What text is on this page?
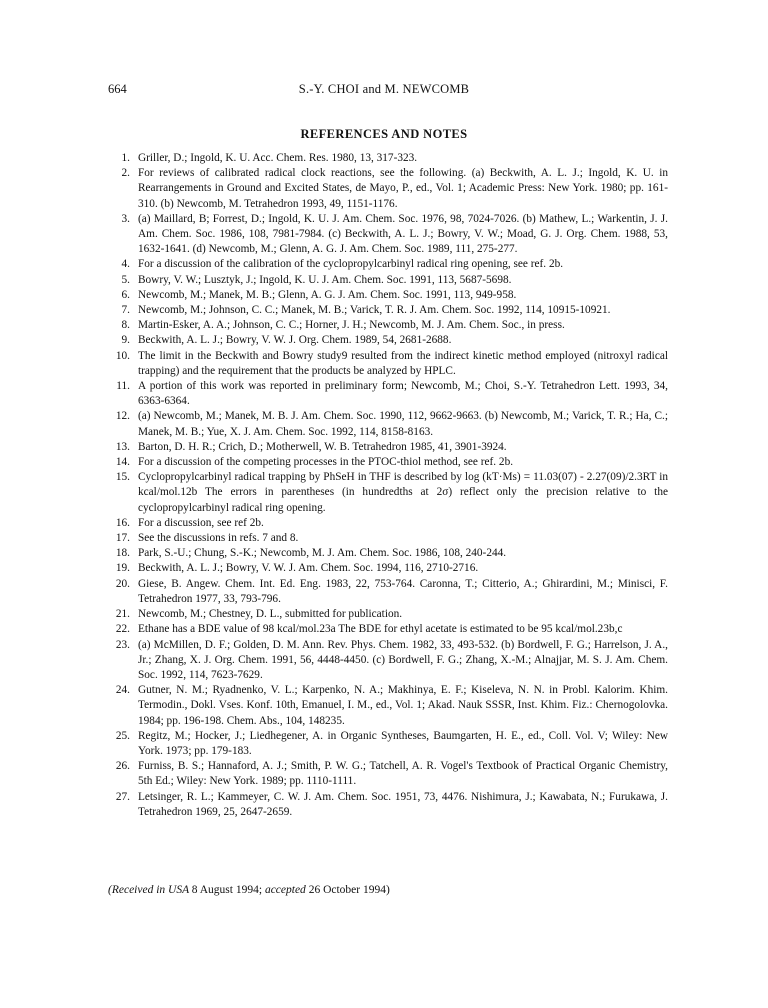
664	S.-Y. CHOI and M. NEWCOMB
REFERENCES AND NOTES
1. Griller, D.; Ingold, K. U. Acc. Chem. Res. 1980, 13, 317-323.
2. For reviews of calibrated radical clock reactions, see the following. (a) Beckwith, A. L. J.; Ingold, K. U. in Rearrangements in Ground and Excited States, de Mayo, P., ed., Vol. 1; Academic Press: New York. 1980; pp. 161-310. (b) Newcomb, M. Tetrahedron 1993, 49, 1151-1176.
3. (a) Maillard, B; Forrest, D.; Ingold, K. U. J. Am. Chem. Soc. 1976, 98, 7024-7026. (b) Mathew, L.; Warkentin, J. J. Am. Chem. Soc. 1986, 108, 7981-7984. (c) Beckwith, A. L. J.; Bowry, V. W.; Moad, G. J. Org. Chem. 1988, 53, 1632-1641. (d) Newcomb, M.; Glenn, A. G. J. Am. Chem. Soc. 1989, 111, 275-277.
4. For a discussion of the calibration of the cyclopropylcarbinyl radical ring opening, see ref. 2b.
5. Bowry, V. W.; Lusztyk, J.; Ingold, K. U. J. Am. Chem. Soc. 1991, 113, 5687-5698.
6. Newcomb, M.; Manek, M. B.; Glenn, A. G. J. Am. Chem. Soc. 1991, 113, 949-958.
7. Newcomb, M.; Johnson, C. C.; Manek, M. B.; Varick, T. R. J. Am. Chem. Soc. 1992, 114, 10915-10921.
8. Martin-Esker, A. A.; Johnson, C. C.; Horner, J. H.; Newcomb, M. J. Am. Chem. Soc., in press.
9. Beckwith, A. L. J.; Bowry, V. W. J. Org. Chem. 1989, 54, 2681-2688.
10. The limit in the Beckwith and Bowry study9 resulted from the indirect kinetic method employed (nitroxyl radical trapping) and the requirement that the products be analyzed by HPLC.
11. A portion of this work was reported in preliminary form; Newcomb, M.; Choi, S.-Y. Tetrahedron Lett. 1993, 34, 6363-6364.
12. (a) Newcomb, M.; Manek, M. B. J. Am. Chem. Soc. 1990, 112, 9662-9663. (b) Newcomb, M.; Varick, T. R.; Ha, C.; Manek, M. B.; Yue, X. J. Am. Chem. Soc. 1992, 114, 8158-8163.
13. Barton, D. H. R.; Crich, D.; Motherwell, W. B. Tetrahedron 1985, 41, 3901-3924.
14. For a discussion of the competing processes in the PTOC-thiol method, see ref. 2b.
15. Cyclopropylcarbinyl radical trapping by PhSeH in THF is described by log (kT·Ms) = 11.03(07) - 2.27(09)/2.3RT in kcal/mol.12b The errors in parentheses (in hundredths at 2σ) reflect only the precision relative to the cyclopropylcarbinyl radical ring opening.
16. For a discussion, see ref 2b.
17. See the discussions in refs. 7 and 8.
18. Park, S.-U.; Chung, S.-K.; Newcomb, M. J. Am. Chem. Soc. 1986, 108, 240-244.
19. Beckwith, A. L. J.; Bowry, V. W. J. Am. Chem. Soc. 1994, 116, 2710-2716.
20. Giese, B. Angew. Chem. Int. Ed. Eng. 1983, 22, 753-764. Caronna, T.; Citterio, A.; Ghirardini, M.; Minisci, F. Tetrahedron 1977, 33, 793-796.
21. Newcomb, M.; Chestney, D. L., submitted for publication.
22. Ethane has a BDE value of 98 kcal/mol.23a The BDE for ethyl acetate is estimated to be 95 kcal/mol.23b,c
23. (a) McMillen, D. F.; Golden, D. M. Ann. Rev. Phys. Chem. 1982, 33, 493-532. (b) Bordwell, F. G.; Harrelson, J. A., Jr.; Zhang, X. J. Org. Chem. 1991, 56, 4448-4450. (c) Bordwell, F. G.; Zhang, X.-M.; Alnajjar, M. S. J. Am. Chem. Soc. 1992, 114, 7623-7629.
24. Gutner, N. M.; Ryadnenko, V. L.; Karpenko, N. A.; Makhinya, E. F.; Kiseleva, N. N. in Probl. Kalorim. Khim. Termodin., Dokl. Vses. Konf. 10th, Emanuel, I. M., ed., Vol. 1; Akad. Nauk SSSR, Inst. Khim. Fiz.: Chernogolovka. 1984; pp. 196-198. Chem. Abs., 104, 148235.
25. Regitz, M.; Hocker, J.; Liedhegener, A. in Organic Syntheses, Baumgarten, H. E., ed., Coll. Vol. V; Wiley: New York. 1973; pp. 179-183.
26. Furniss, B. S.; Hannaford, A. J.; Smith, P. W. G.; Tatchell, A. R. Vogel's Textbook of Practical Organic Chemistry, 5th Ed.; Wiley: New York. 1989; pp. 1110-1111.
27. Letsinger, R. L.; Kammeyer, C. W. J. Am. Chem. Soc. 1951, 73, 4476. Nishimura, J.; Kawabata, N.; Furukawa, J. Tetrahedron 1969, 25, 2647-2659.
(Received in USA 8 August 1994; accepted 26 October 1994)
